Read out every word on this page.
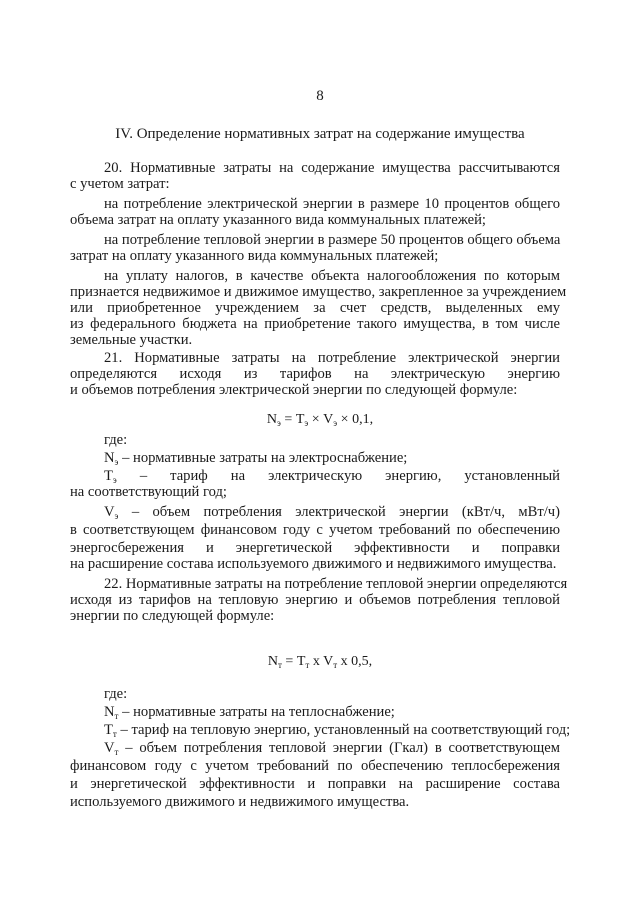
8
IV. Определение нормативных затрат на содержание имущества
20. Нормативные затраты на содержание имущества рассчитываются
с учетом затрат:
на потребление электрической энергии в размере 10 процентов общего
объема затрат на оплату указанного вида коммунальных платежей;
на потребление тепловой энергии в размере 50 процентов общего объема
затрат на оплату указанного вида коммунальных платежей;
на уплату налогов, в качестве объекта налогообложения по которым
признается недвижимое и движимое имущество, закрепленное за учреждением
или приобретенное учреждением за счет средств, выделенных ему
из федерального бюджета на приобретение такого имущества, в том числе
земельные участки.
21. Нормативные затраты на потребление электрической энергии
определяются исходя из тарифов на электрическую энергию
и объемов потребления электрической энергии по следующей формуле:
$N_э = T_э \times V_э \times 0,1$,
где:
$N_э$ – нормативные затраты на электроснабжение;
$T_э$ – тариф на электрическую энергию, установленный
на соответствующий год;
$V_э$ – объем потребления электрической энергии (кВт/ч, мВт/ч)
в соответствующем финансовом году с учетом требований по обеспечению
энергосбережения и энергетической эффективности и поправки
на расширение состава используемого движимого и недвижимого имущества.
22. Нормативные затраты на потребление тепловой энергии определяются
исходя из тарифов на тепловую энергию и объемов потребления тепловой
энергии по следующей формуле:
$N_т = T_т$ x $V_т$ x 0,5,
где:
$N_т$ – нормативные затраты на теплоснабжение;
$T_т$ – тариф на тепловую энергию, установленный на соответствующий год;
$V_т$ – объем потребления тепловой энергии (Гкал) в соответствующем
финансовом году с учетом требований по обеспечению теплосбережения
и энергетической эффективности и поправки на расширение состава
используемого движимого и недвижимого имущества.
